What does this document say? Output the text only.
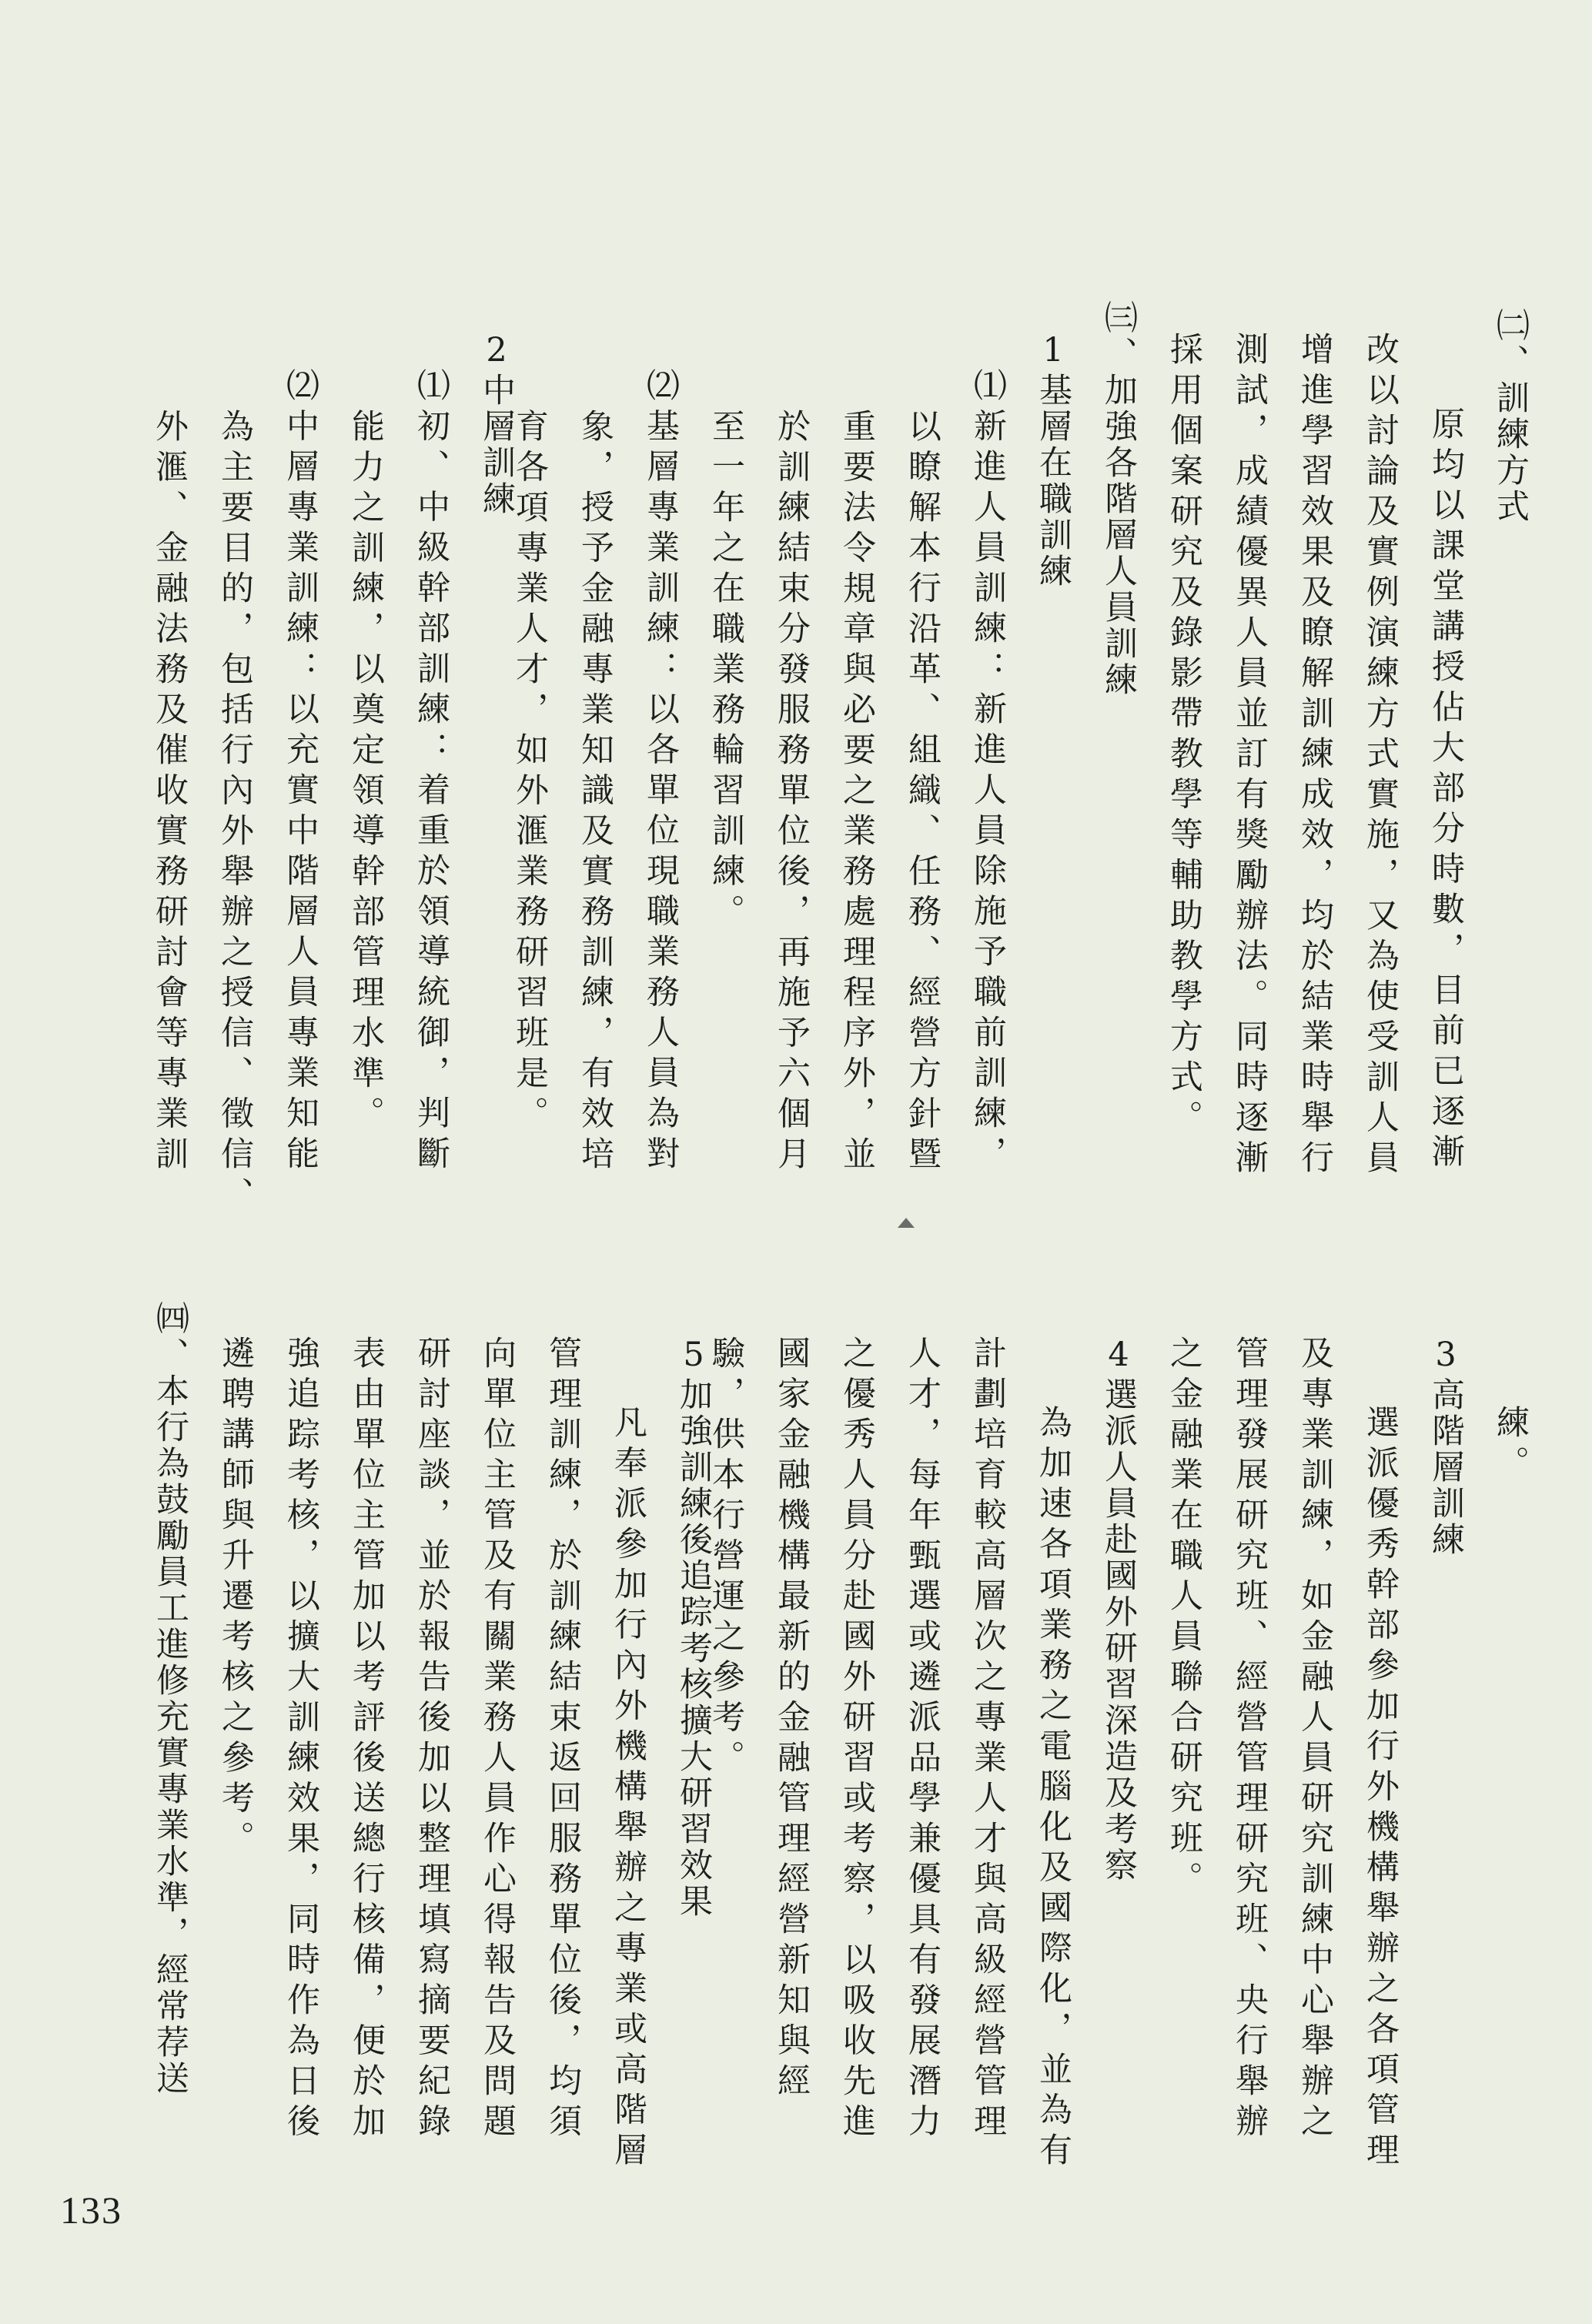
㈡、訓練方式
原均以課堂講授佔大部分時數，目前已逐漸
改以討論及實例演練方式實施，又為使受訓人員
增進學習效果及瞭解訓練成效，均於結業時舉行
測試，成績優異人員並訂有獎勵辦法。同時逐漸
採用個案研究及錄影帶教學等輔助教學方式。
㈢、加強各階層人員訓練
1基層在職訓練
⑴新進人員訓練：新進人員除施予職前訓練，
以瞭解本行沿革、組織、任務、經營方針暨
重要法令規章與必要之業務處理程序外，並
於訓練結束分發服務單位後，再施予六個月
至一年之在職業務輪習訓練。
⑵基層專業訓練：以各單位現職業務人員為對
象，授予金融專業知識及實務訓練，有效培
育各項專業人才，如外滙業務研習班是。
2中層訓練
⑴初、中級幹部訓練：着重於領導統御，判斷
能力之訓練，以奠定領導幹部管理水準。
⑵中層專業訓練：以充實中階層人員專業知能
為主要目的，包括行內外舉辦之授信、徵信、
外滙、金融法務及催收實務研討會等專業訓
練。
3高階層訓練
選派優秀幹部參加行外機構舉辦之各項管理
及專業訓練，如金融人員研究訓練中心舉辦之
管理發展研究班、經營管理研究班、央行舉辦
之金融業在職人員聯合研究班。
4選派人員赴國外研習深造及考察
為加速各項業務之電腦化及國際化，並為有
計劃培育較高層次之專業人才與高級經營管理
人才，每年甄選或遴派品學兼優具有發展潛力
之優秀人員分赴國外研習或考察，以吸收先進
國家金融機構最新的金融管理經營新知與經
驗，供本行營運之參考。
5加強訓練後追踪考核擴大研習效果
凡奉派參加行內外機構舉辦之專業或高階層
管理訓練，於訓練結束返回服務單位後，均須
向單位主管及有關業務人員作心得報告及問題
研討座談，並於報告後加以整理填寫摘要紀錄
表由單位主管加以考評後送總行核備，便於加
強追踪考核，以擴大訓練效果，同時作為日後
遴聘講師與升遷考核之參考。
㈣、本行為鼓勵員工進修充實專業水準，經常荐送
133
